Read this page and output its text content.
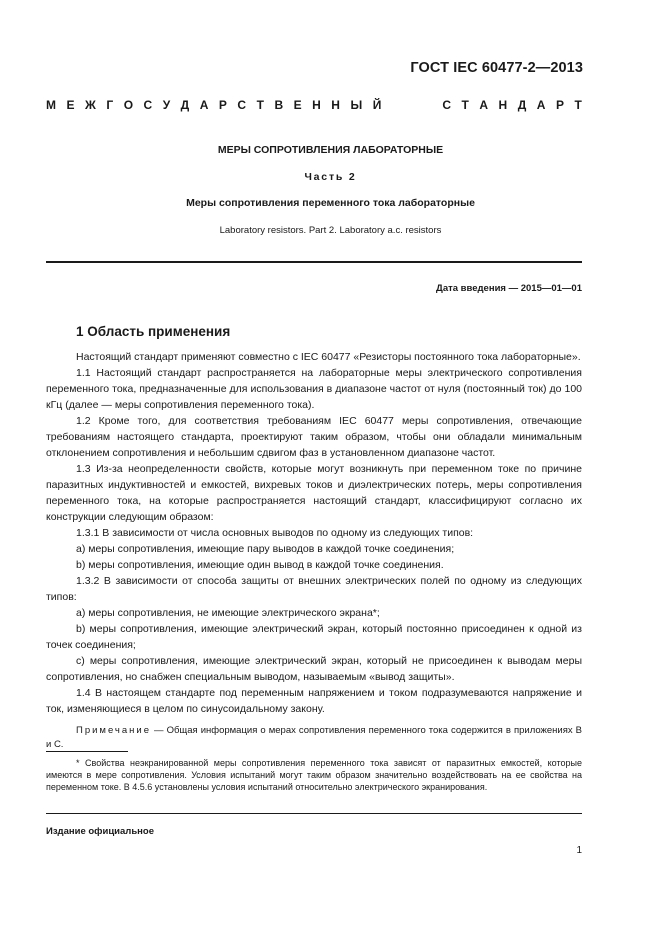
ГОСТ IEC 60477-2—2013
М Е Ж Г О С У Д А Р С Т В Е Н Н Ы Й	С Т А Н Д А Р Т
МЕРЫ СОПРОТИВЛЕНИЯ ЛАБОРАТОРНЫЕ
Часть 2
Меры сопротивления переменного тока лабораторные
Laboratory resistors. Part 2. Laboratory a.c. resistors
Дата введения — 2015—01—01
1 Область применения

Настоящий стандарт применяют совместно с IEC 60477 «Резисторы постоянного тока лабораторные».

1.1 Настоящий стандарт распространяется на лабораторные меры электрического сопротивления переменного тока, предназначенные для использования в диапазоне частот от нуля (постоянный ток) до 100 кГц (далее — меры сопротивления переменного тока).

1.2 Кроме того, для соответствия требованиям IEC 60477 меры сопротивления, отвечающие требованиям настоящего стандарта, проектируют таким образом, чтобы они обладали минимальным отклонением сопротивления и небольшим сдвигом фаз в установленном диапазоне частот.

1.3 Из-за неопределенности свойств, которые могут возникнуть при переменном токе по причине паразитных индуктивностей и емкостей, вихревых токов и диэлектрических потерь, меры сопротивления переменного тока, на которые распространяется настоящий стандарт, классифицируют согласно их конструкции следующим образом:

1.3.1 В зависимости от числа основных выводов по одному из следующих типов:

а) меры сопротивления, имеющие пару выводов в каждой точке соединения;

b) меры сопротивления, имеющие один вывод в каждой точке соединения.

1.3.2 В зависимости от способа защиты от внешних электрических полей по одному из следующих типов:

а) меры сопротивления, не имеющие электрического экрана*;

b) меры сопротивления, имеющие электрический экран, который постоянно присоединен к одной из точек соединения;

с) меры сопротивления, имеющие электрический экран, который не присоединен к выводам меры сопротивления, но снабжен специальным выводом, называемым «вывод защиты».

1.4 В настоящем стандарте под переменным напряжением и током подразумеваются напряжение и ток, изменяющиеся в целом по синусоидальному закону.

Примечание — Общая информация о мерах сопротивления переменного тока содержится в приложениях В и С.

* Свойства неэкранированной меры сопротивления переменного тока зависят от паразитных емкостей, которые имеются в мере сопротивления. Условия испытаний могут таким образом значительно воздействовать на ее свойства на переменном токе. В 4.5.6 установлены условия испытаний относительно электрического экранирования.

Издание официальное
1
